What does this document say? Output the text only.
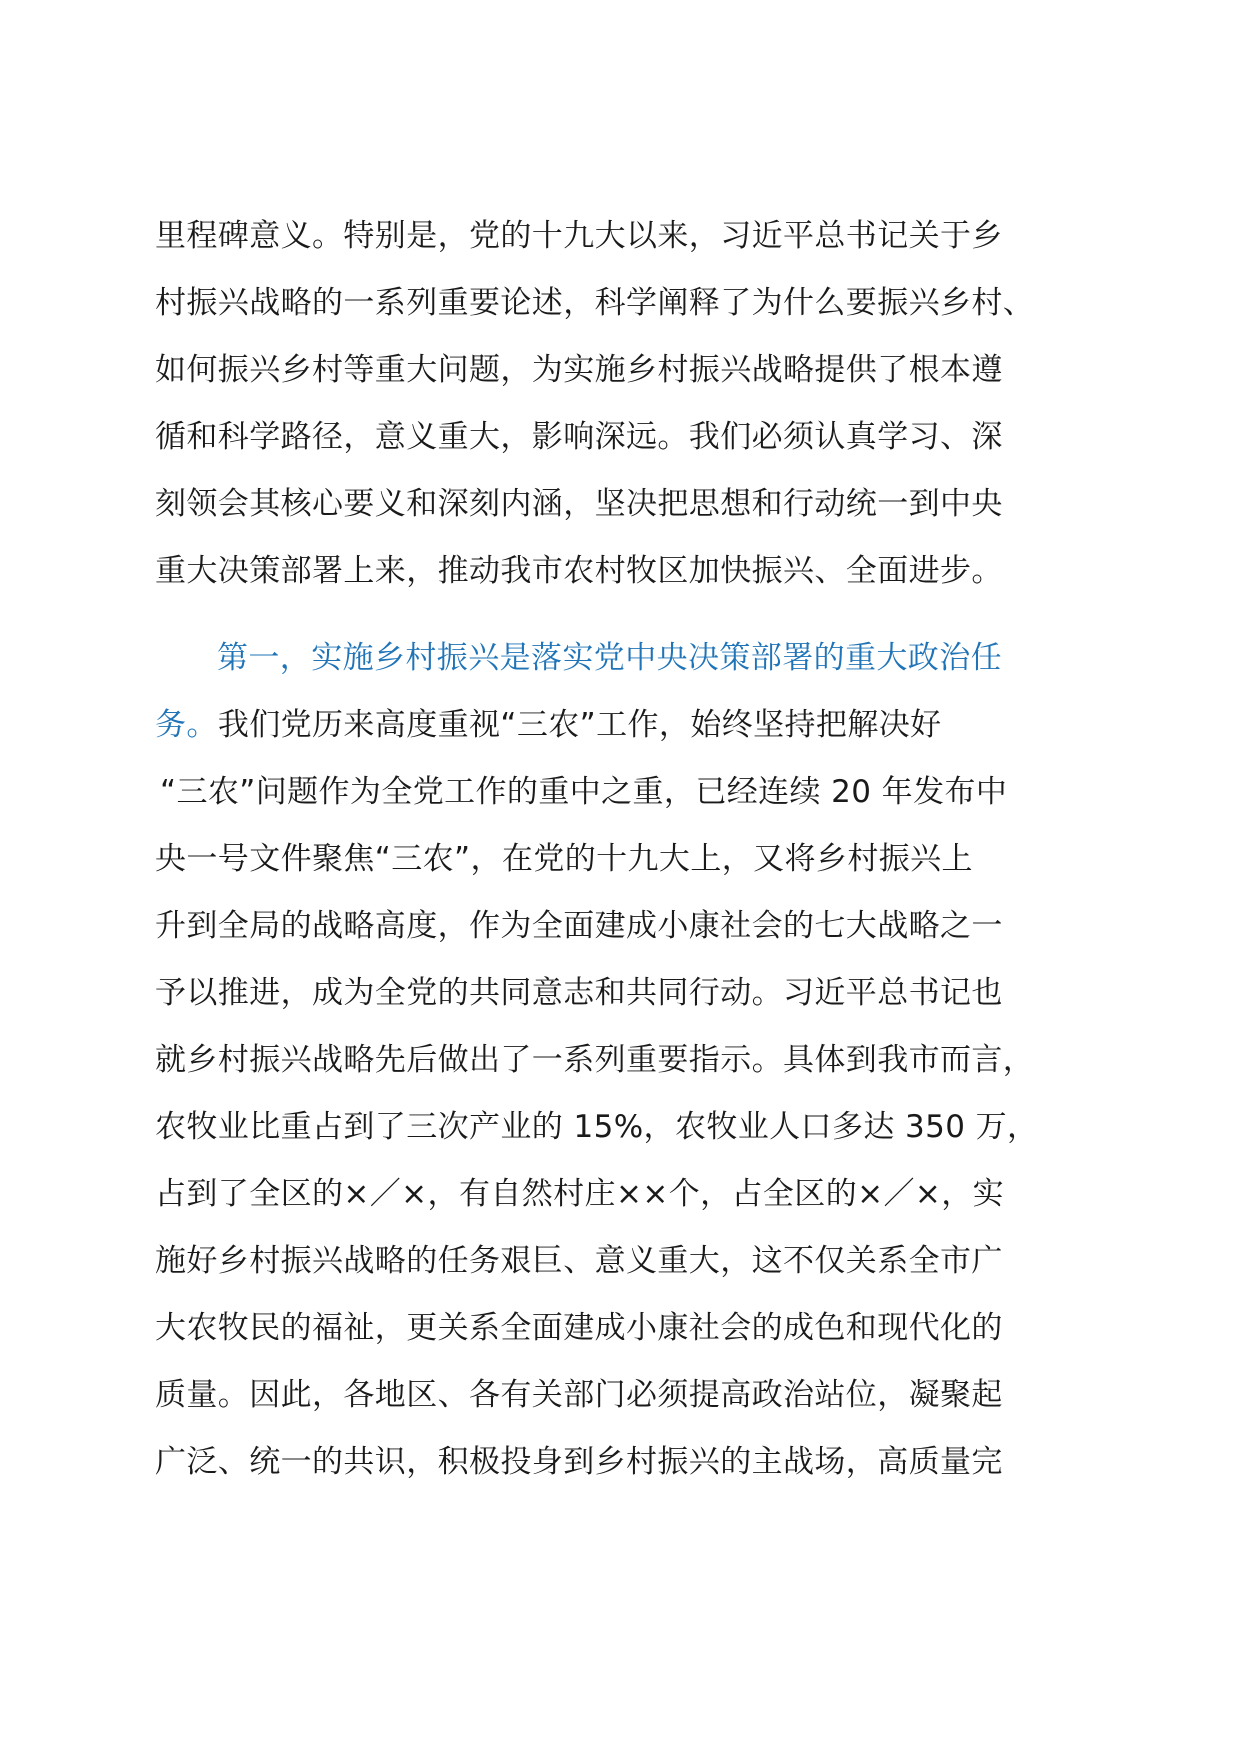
里程碑意义。特别是，党的十九大以来，习近平总书记关于乡
村振兴战略的一系列重要论述，科学阐释了为什么要振兴乡村、
如何振兴乡村等重大问题，为实施乡村振兴战略提供了根本遵
循和科学路径，意义重大，影响深远。我们必须认真学习、深
刻领会其核心要义和深刻内涵，坚决把思想和行动统一到中央
重大决策部署上来，推动我市农村牧区加快振兴、全面进步。
第一，实施乡村振兴是落实党中央决策部署的重大政治任
务。我们党历来高度重视“三农”工作，始终坚持把解决好
“三农”问题作为全党工作的重中之重，已经连续 20 年发布中
央一号文件聚焦“三农”，在党的十九大上，又将乡村振兴上
升到全局的战略高度，作为全面建成小康社会的七大战略之一
予以推进，成为全党的共同意志和共同行动。习近平总书记也
就乡村振兴战略先后做出了一系列重要指示。具体到我市而言，
农牧业比重占到了三次产业的 15%，农牧业人口多达 350 万，
占到了全区的×／×，有自然村庄××个，占全区的×／×，实
施好乡村振兴战略的任务艰巨、意义重大，这不仅关系全市广
大农牧民的福祉，更关系全面建成小康社会的成色和现代化的
质量。因此，各地区、各有关部门必须提高政治站位，凝聚起
广泛、统一的共识，积极投身到乡村振兴的主战场，高质量完
